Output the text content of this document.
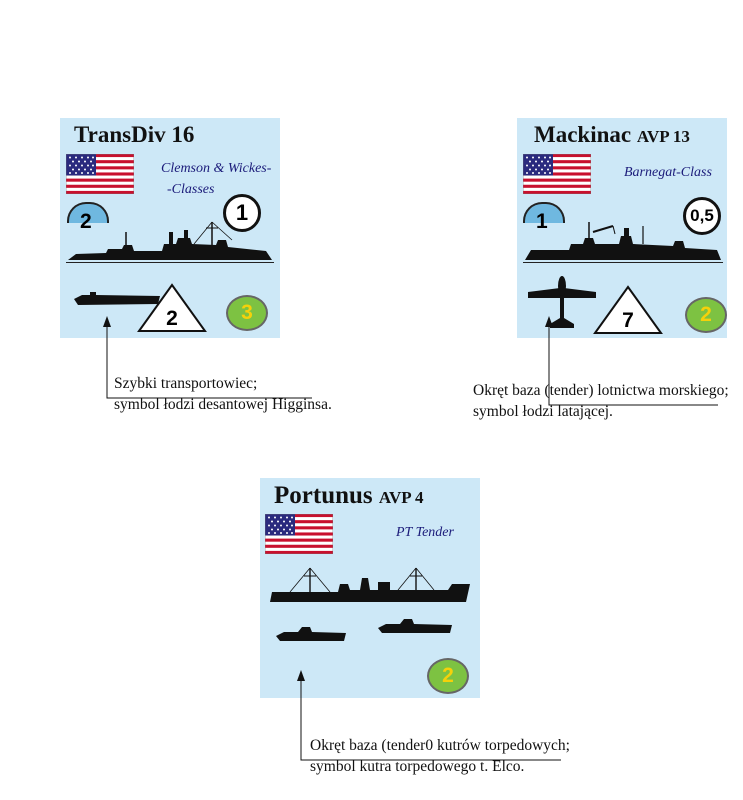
TransDiv 16
Clemson & Wickes-
-Classes
2	1
2	3
Mackinac AVP 13
Barnegat-Class
1	0,5
7	2
Portunus AVP 4
PT Tender
2
Szybki transportowiec;
symbol łodzi desantowej Higginsa.
Okręt baza (tender) lotnictwa morskiego;
symbol łodzi latającej.
Okręt baza (tender0 kutrów torpedowych;
symbol kutra torpedowego t. Elco.
